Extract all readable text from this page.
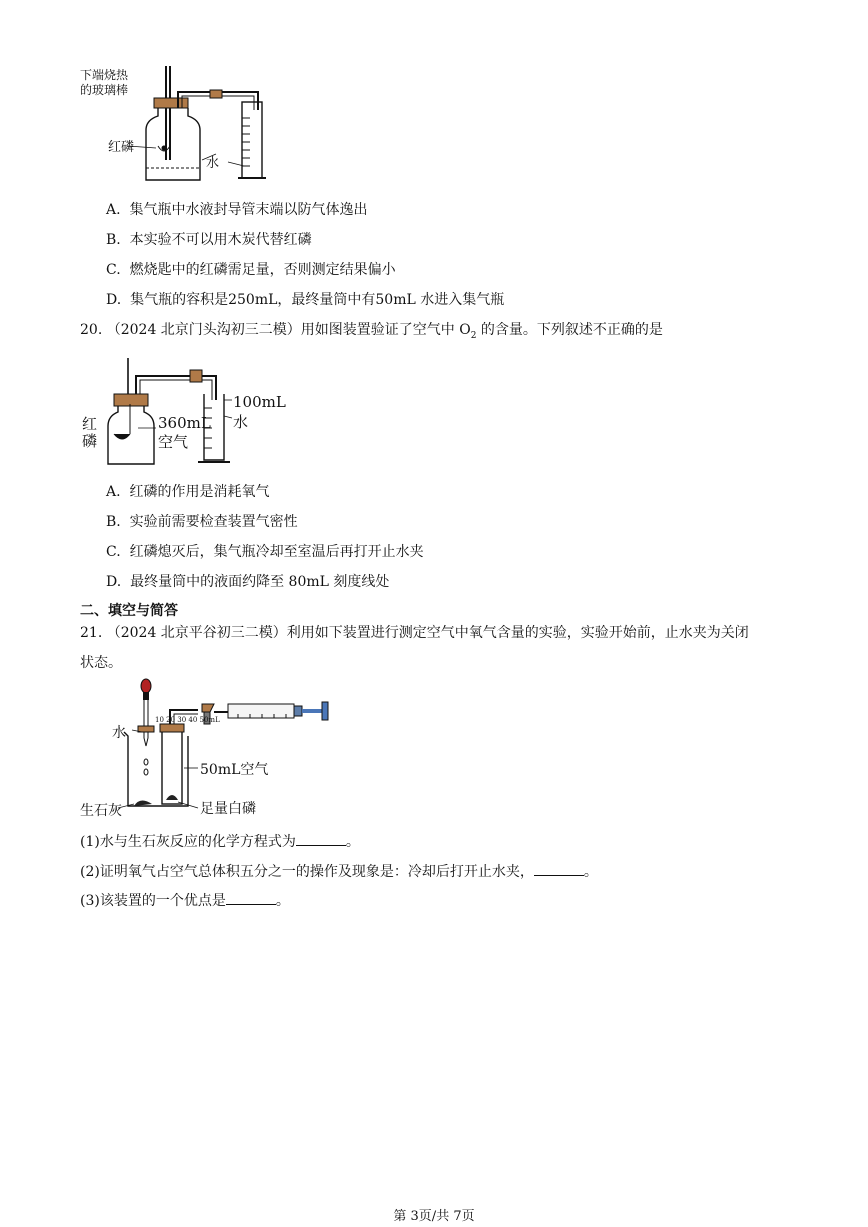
下端烧热
的玻璃棒
红磷
水
A. 集气瓶中水液封导管末端以防气体逸出
B. 本实验不可以用木炭代替红磷
C. 燃烧匙中的红磷需足量，否则测定结果偏小
D. 集气瓶的容积是250mL，最终量筒中有50mL 水进入集气瓶
20. （2024 北京门头沟初三二模）用如图装置验证了空气中 $O_2$ 的含量。下列叙述不正确的是
红
磷
360mL
空气
100mL
水
A. 红磷的作用是消耗氧气
B. 实验前需要检查装置气密性
C. 红磷熄灭后，集气瓶冷却至室温后再打开止水夹
D. 最终量筒中的液面约降至 80mL 刻度线处
二、填空与简答
21. （2024 北京平谷初三二模）利用如下装置进行测定空气中氧气含量的实验，实验开始前，止水夹为关闭
状态。
10 20 30 40 50mL
水
50mL空气
生石灰	足量白磷
(1)水与生石灰反应的化学方程式为	。
(2)证明氧气占空气总体积五分之一的操作及现象是：冷却后打开止水夹，	。
(3)该装置的一个优点是	。
第 3页/共 7页
